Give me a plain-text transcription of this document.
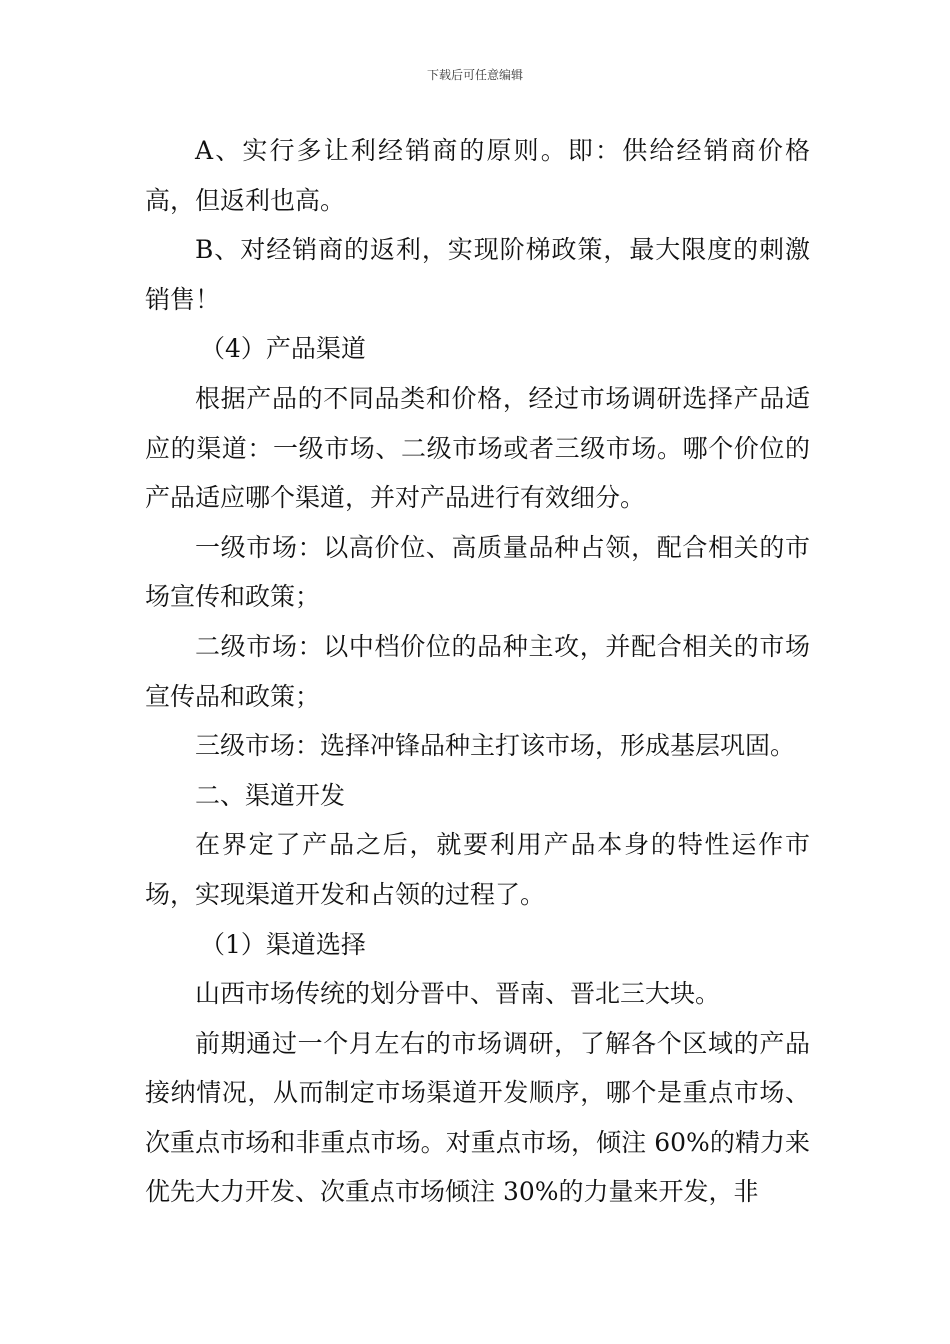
下载后可任意编辑

A、实行多让利经销商的原则。即：供给经销商价格高，但返利也高。

B、对经销商的返利，实现阶梯政策，最大限度的刺激销售！

（4）产品渠道

根据产品的不同品类和价格，经过市场调研选择产品适应的渠道：一级市场、二级市场或者三级市场。哪个价位的产品适应哪个渠道，并对产品进行有效细分。

一级市场：以高价位、高质量品种占领，配合相关的市场宣传和政策；

二级市场：以中档价位的品种主攻，并配合相关的市场宣传品和政策；

三级市场：选择冲锋品种主打该市场，形成基层巩固。

二、渠道开发

在界定了产品之后，就要利用产品本身的特性运作市场，实现渠道开发和占领的过程了。

（1）渠道选择

山西市场传统的划分晋中、晋南、晋北三大块。

前期通过一个月左右的市场调研，了解各个区域的产品接纳情况，从而制定市场渠道开发顺序，哪个是重点市场、次重点市场和非重点市场。对重点市场，倾注 60%的精力来优先大力开发、次重点市场倾注 30%的力量来开发，非
